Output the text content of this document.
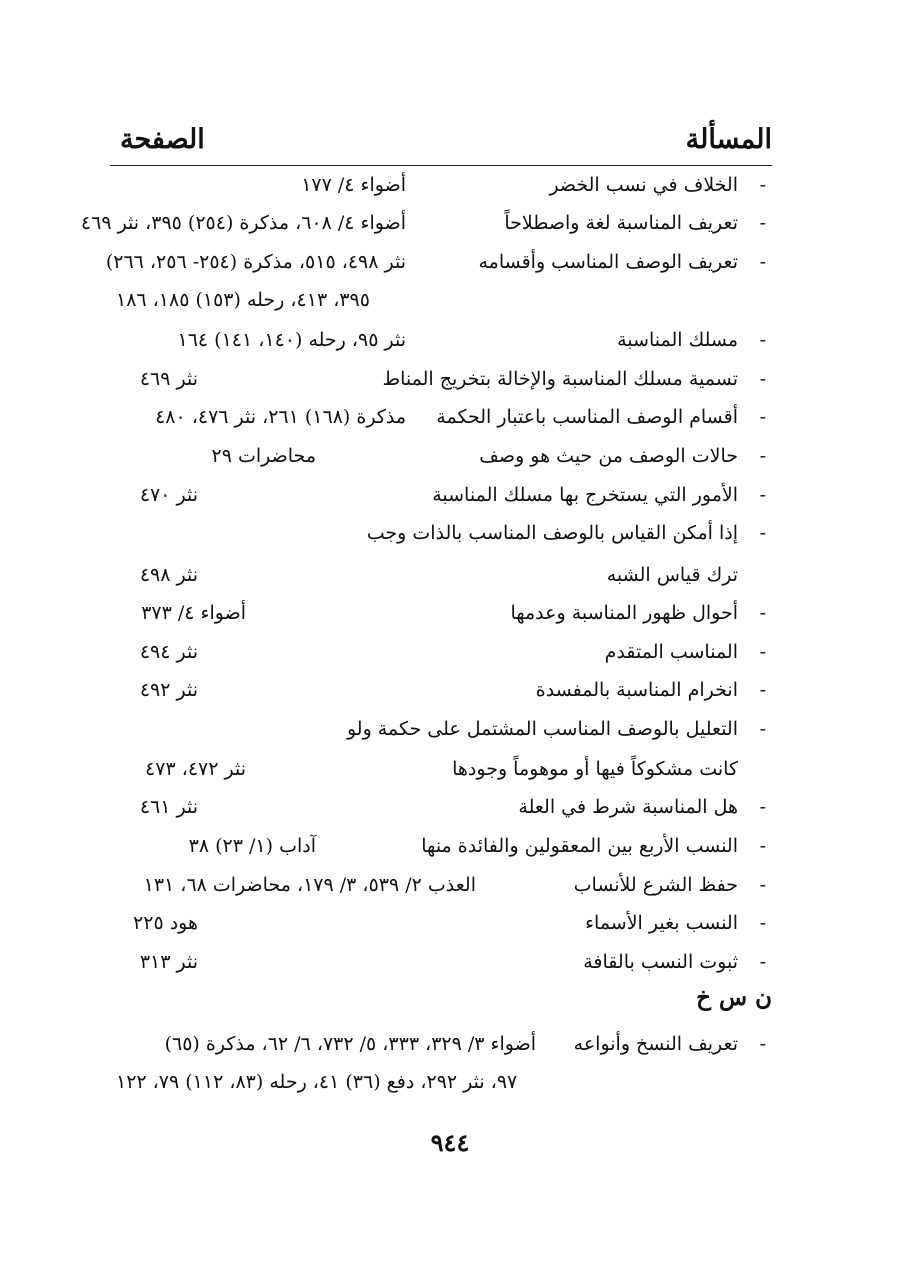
المسألة
الصفحة
-
الخلاف في نسب الخضر
أضواء ٤/ ١٧٧
-
تعريف المناسبة لغة واصطلاحاً
أضواء ٤/ ٦٠٨، مذكرة (٢٥٤) ٣٩٥، نثر ٤٦٩
-
تعريف الوصف المناسب وأقسامه
نثر ٤٩٨، ٥١٥، مذكرة (٢٥٤- ٢٥٦، ٢٦٦)
٣٩٥، ٤١٣، رحله (١٥٣) ١٨٥، ١٨٦
-
مسلك المناسبة
نثر ٩٥، رحله (١٤٠، ١٤١) ١٦٤
-
تسمية مسلك المناسبة والإخالة بتخريج المناط
نثر ٤٦٩
-
أقسام الوصف المناسب باعتبار الحكمة
مذكرة (١٦٨) ٢٦١، نثر ٤٧٦، ٤٨٠
-
حالات الوصف من حيث هو وصف
محاضرات ٢٩
-
الأمور التي يستخرج بها مسلك المناسبة
نثر ٤٧٠
-
إذا أمكن القياس بالوصف المناسب بالذات وجب
ترك قياس الشبه
نثر ٤٩٨
-
أحوال ظهور المناسبة وعدمها
أضواء ٤/ ٣٧٣
-
المناسب المتقدم
نثر ٤٩٤
-
انخرام المناسبة بالمفسدة
نثر ٤٩٢
-
التعليل بالوصف المناسب المشتمل على حكمة ولو
كانت مشكوكاً فيها أو موهوماً وجودها
نثر ٤٧٢، ٤٧٣
-
هل المناسبة شرط في العلة
نثر ٤٦١
-
النسب الأربع بين المعقولين والفائدة منها
آداب (١/ ٢٣) ٣٨
-
حفظ الشرع للأنساب
العذب ٢/ ٥٣٩، ٣/ ١٧٩، محاضرات ٦٨، ١٣١
-
النسب بغير الأسماء
هود ٢٢٥
-
ثبوت النسب بالقافة
نثر ٣١٣
ن س خ
-
تعريف النسخ وأنواعه
أضواء ٣/ ٣٢٩، ٣٣٣، ٥/ ٧٣٢، ٦/ ٦٢، مذكرة (٦٥)
٩٧، نثر ٢٩٢، دفع (٣٦) ٤١، رحله (٨٣، ١١٢) ٧٩، ١٢٢
٩٤٤
